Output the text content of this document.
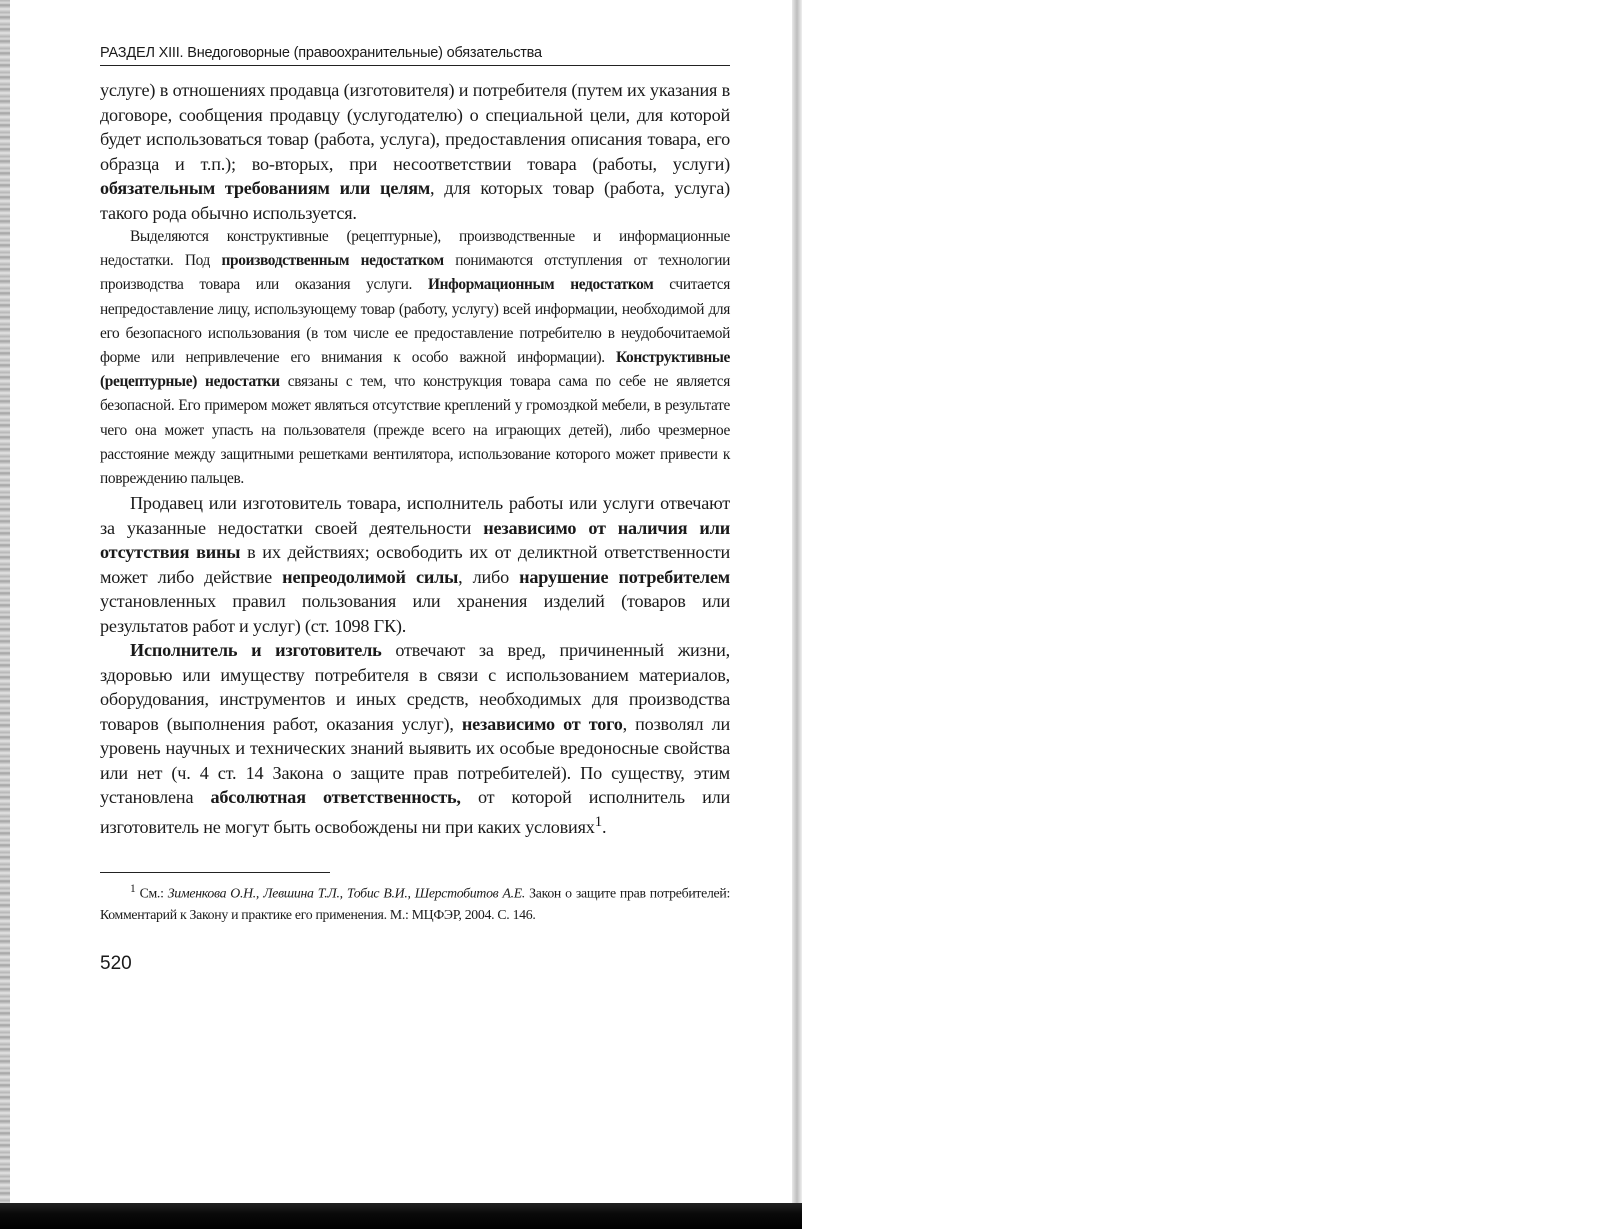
РАЗДЕЛ XIII. Внедоговорные (правоохранительные) обязательства

услуге) в отношениях продавца (изготовителя) и потребителя (путем их указания в договоре, сообщения продавцу (услугодателю) о специальной цели, для которой будет использоваться товар (работа, услуга), предоставления описания товара, его образца и т.п.); во-вторых, при несоответствии товара (работы, услуги) обязательным требованиям или целям, для которых товар (работа, услуга) такого рода обычно используется.

Выделяются конструктивные (рецептурные), производственные и информационные недостатки. Под производственным недостатком понимаются отступления от технологии производства товара или оказания услуги. Информационным недостатком считается непредоставление лицу, использующему товар (работу, услугу) всей информации, необходимой для его безопасного использования (в том числе ее предоставление потребителю в неудобочитаемой форме или непривлечение его внимания к особо важной информации). Конструктивные (рецептурные) недостатки связаны с тем, что конструкция товара сама по себе не является безопасной. Его примером может являться отсутствие креплений у громоздкой мебели, в результате чего она может упасть на пользователя (прежде всего на играющих детей), либо чрезмерное расстояние между защитными решетками вентилятора, использование которого может привести к повреждению пальцев.

Продавец или изготовитель товара, исполнитель работы или услуги отвечают за указанные недостатки своей деятельности независимо от наличия или отсутствия вины в их действиях; освободить их от деликтной ответственности может либо действие непреодолимой силы, либо нарушение потребителем установленных правил пользования или хранения изделий (товаров или результатов работ и услуг) (ст. 1098 ГК).

Исполнитель и изготовитель отвечают за вред, причиненный жизни, здоровью или имуществу потребителя в связи с использованием материалов, оборудования, инструментов и иных средств, необходимых для производства товаров (выполнения работ, оказания услуг), независимо от того, позволял ли уровень научных и технических знаний выявить их особые вредоносные свойства или нет (ч. 4 ст. 14 Закона о защите прав потребителей). По существу, этим установлена абсолютная ответственность, от которой исполнитель или изготовитель не могут быть освобождены ни при каких условиях$^1$.

$^1$ См.: Зименкова О.Н., Левшина Т.Л., Тобис В.И., Шерстобитов А.Е. Закон о защите прав потребителей: Комментарий к Закону и практике его применения. М.: МЦФЭР, 2004. С. 146.

520
